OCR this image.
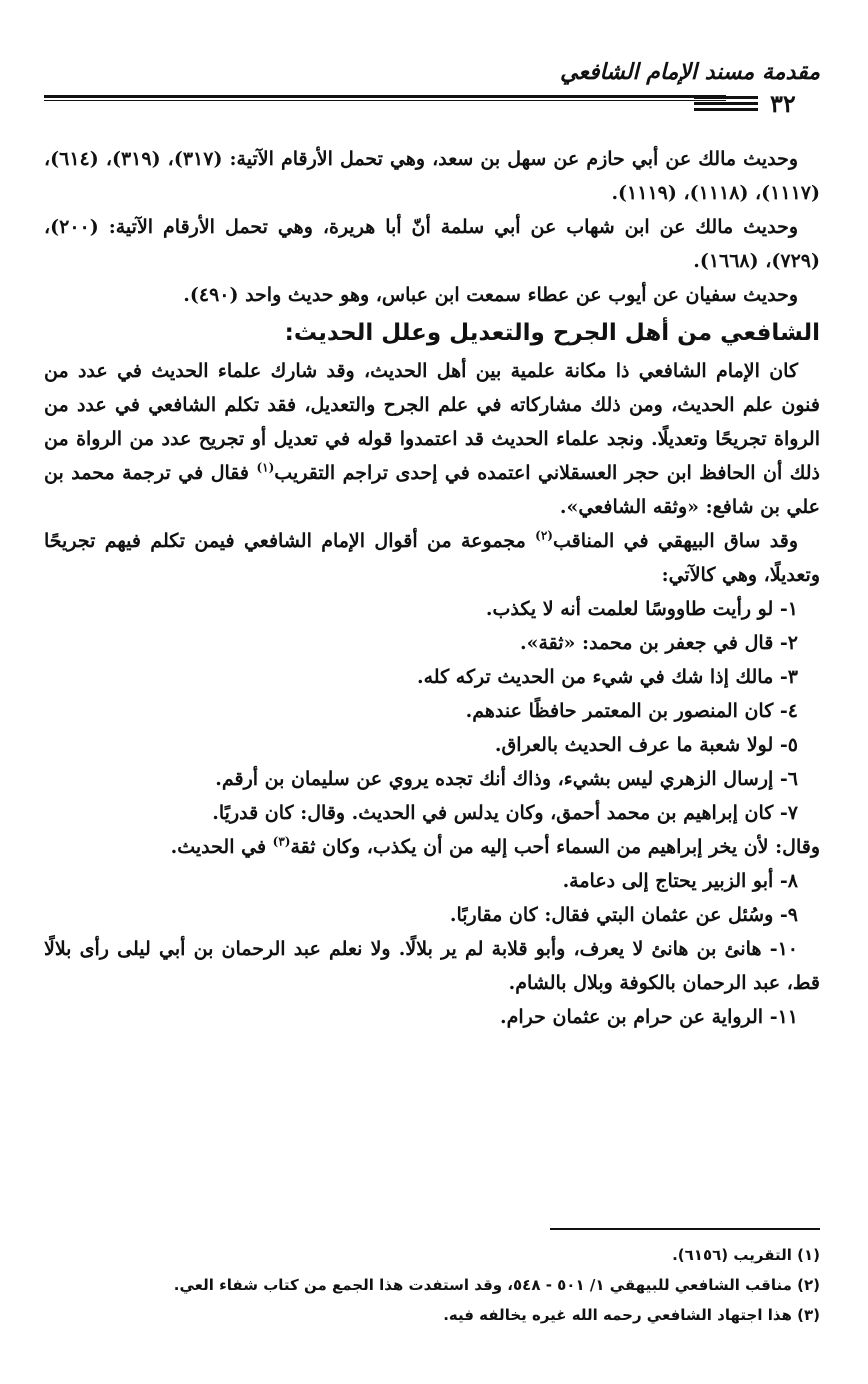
مقدمة مسند الإمام الشافعي
٣٢

وحديث مالك عن أبي حازم عن سهل بن سعد، وهي تحمل الأرقام الآتية: (٣١٧)، (٣١٩)، (٦١٤)، (١١١٧)، (١١١٨)، (١١١٩).

وحديث مالك عن ابن شهاب عن أبي سلمة أنّ أبا هريرة، وهي تحمل الأرقام الآتية: (٢٠٠)، (٧٢٩)، (١٦٦٨).

وحديث سفيان عن أيوب عن عطاء سمعت ابن عباس، وهو حديث واحد (٤٩٠).

الشافعي من أهل الجرح والتعديل وعلل الحديث:

كان الإمام الشافعي ذا مكانة علمية بين أهل الحديث، وقد شارك علماء الحديث في عدد من فنون علم الحديث، ومن ذلك مشاركاته في علم الجرح والتعديل، فقد تكلم الشافعي في عدد من الرواة تجريحًا وتعديلًا. ونجد علماء الحديث قد اعتمدوا قوله في تعديل أو تجريح عدد من الرواة من ذلك أن الحافظ ابن حجر العسقلاني اعتمده في إحدى تراجم التقريب$^{(١)}$ فقال في ترجمة محمد بن علي بن شافع: «وثقه الشافعي».

وقد ساق البيهقي في المناقب$^{(٢)}$ مجموعة من أقوال الإمام الشافعي فيمن تكلم فيهم تجريحًا وتعديلًا، وهي كالآتي:

١- لو رأيت طاووسًا لعلمت أنه لا يكذب.

٢- قال في جعفر بن محمد: «ثقة».

٣- مالك إذا شك في شيء من الحديث تركه كله.

٤- كان المنصور بن المعتمر حافظًا عندهم.

٥- لولا شعبة ما عرف الحديث بالعراق.

٦- إرسال الزهري ليس بشيء، وذاك أنك تجده يروي عن سليمان بن أرقم.

٧- كان إبراهيم بن محمد أحمق، وكان يدلس في الحديث. وقال: كان قدريًا.

وقال: لأن يخر إبراهيم من السماء أحب إليه من أن يكذب، وكان ثقة$^{(٣)}$ في الحديث.

٨- أبو الزبير يحتاج إلى دعامة.

٩- وسُئل عن عثمان البتي فقال: كان مقاربًا.

١٠- هانئ بن هانئ لا يعرف، وأبو قلابة لم ير بلالًا. ولا نعلم عبد الرحمان بن أبي ليلى رأى بلالًا قط، عبد الرحمان بالكوفة وبلال بالشام.

١١- الرواية عن حرام بن عثمان حرام.

(١) التقريب (٦١٥٦).
(٢) مناقب الشافعي للبيهقي ١/ ٥٠١ - ٥٤٨، وقد استفدت هذا الجمع من كتاب شفاء العي.
(٣) هذا اجتهاد الشافعي رحمه الله غيره يخالفه فيه.
